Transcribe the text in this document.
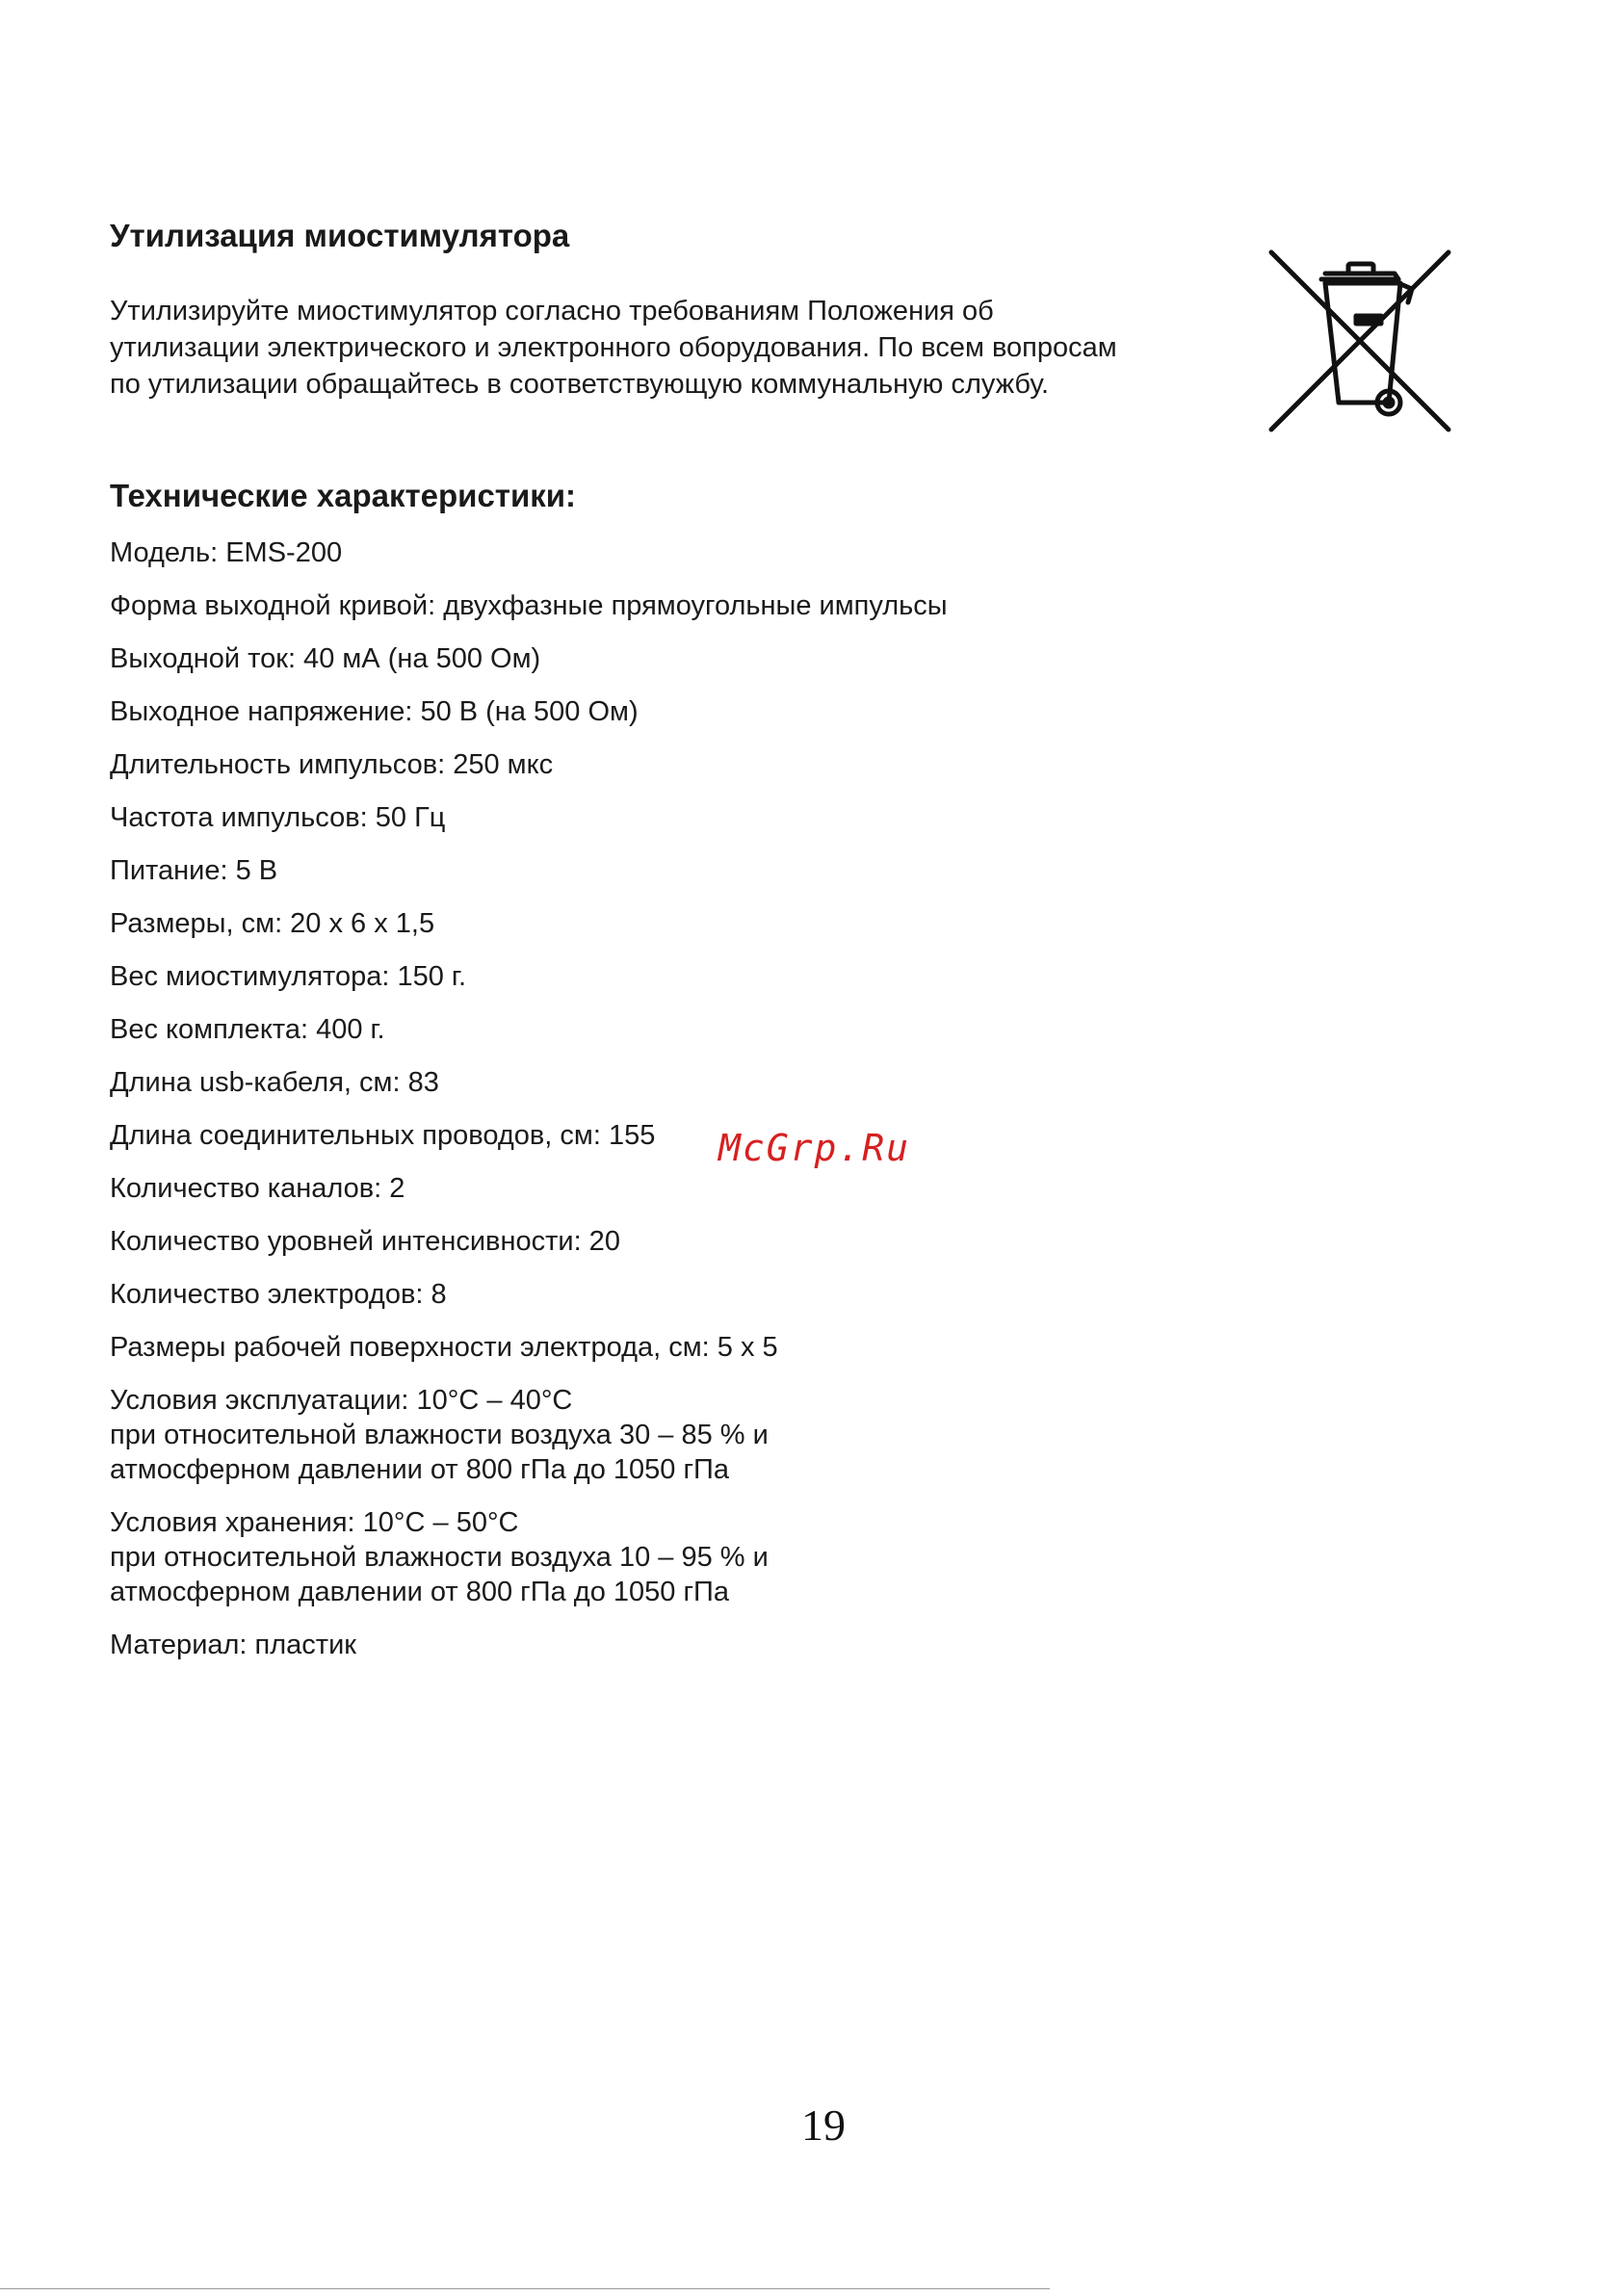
Утилизация миостимулятора
Утилизируйте миостимулятор согласно требованиям Положения об
утилизации электрического и электронного оборудования. По всем вопросам
по утилизации обращайтесь в соответствующую коммунальную службу.
Технические характеристики:
Модель: EMS-200
Форма выходной кривой: двухфазные прямоугольные импульсы
Выходной ток: 40 мА (на 500 Ом)
Выходное напряжение: 50 В (на 500 Ом)
Длительность импульсов: 250 мкс
Частота импульсов: 50 Гц
Питание: 5 В
Размеры, см: 20 х 6 х 1,5
Вес миостимулятора: 150 г.
Вес комплекта: 400 г.
Длина usb-кабеля, см: 83
Длина соединительных проводов, см: 155
Количество каналов: 2
Количество уровней интенсивности: 20
Количество электродов: 8
Размеры рабочей поверхности электрода, см: 5 х 5
Условия эксплуатации: 10°C – 40°C
при относительной влажности воздуха 30 – 85 % и
атмосферном давлении от 800 гПа до 1050 гПа
Условия хранения: 10°C – 50°C
при относительной влажности воздуха 10 – 95 % и
атмосферном давлении от 800 гПа до 1050 гПа
Материал: пластик
McGrp.Ru
19
